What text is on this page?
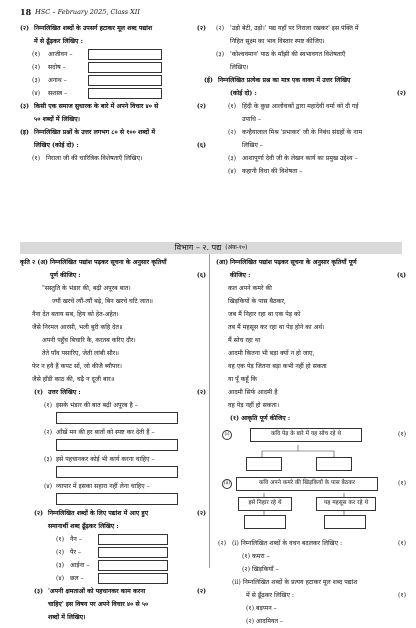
18 HSC – February 2025, Class XII
(२) निम्नलिखित शब्दों के उपसर्ग हटाकर मूल शब्द पद्यांश	(२)
में से ढूँढ़कर लिखिए :
(१)	आजीवन –
(२)	सदोष –
(३)	अनाथ –
(४)	सशस्त्र –
(३) किसी एक समाज सुधारक के बारे में अपने विचार ४० से	(२)
५० शब्दों में लिखिए।
(इ) निम्नलिखित प्रश्नों के उत्तर लगभग ८० से १०० शब्दों में
लिखिए (कोई दो) :	(६)
(१) निराला जी की चारित्रिक विशेषताएँ लिखिए।
(२) 'उड़ो बेटी, उड़ो।' पद्य यहाँ पर निराला रखकर' इस पंक्ति में
निहित सूक्ष्म का भाव विस्तार स्पष्ट कीजिए।
(३) 'कोश्चवमान' पाठ के माँझी की स्वभावगत विशेषताएँ
लिखिए।
(ई) निम्नलिखित प्रत्येक प्रश्न का मात्र एक वाक्य में उत्तर लिखिए
(कोई दो) :	(२)
(१) हिंदी के कुछ आलोचकों द्वारा महादेवी वर्मा को दी गई
उपाधि –
(२) कन्हैयालाल मिश्र 'प्रभाकर' जी के निबंध संग्रहों के नाम
लिखिए –
(३) आशापूर्णा देवी जी के लेखन कार्य का प्रमुख उद्देश्य –
(४) कहानी विधा की विशेषता –
विभाग – २. पद्य (अंक-१०)
कृति २ (अ) निम्नलिखित पद्यांश पढ़कर सूचना के अनुसार कृतियाँ
पूर्ण कीजिए :	(६)
"सस्तुति के भंडार की, बढ़ी अपूरब बात।
ज्यौं खरचे त्यौं-त्यौं बढ़े, बिन खरचे घटि जात॥
नैना देत बताय सब, हिय को हेत-अहेत।
जैसे निरमल आरसी, भली बुरी कहि देत॥
अपनी पहुँच बिचारि कै, करतब करिए दौर।
तेते पाँव पसारिए, जेती लांबी सौर॥
फेर न हवै हैं कपट सों, जो कीजै ब्यौपार।
जैसे हाँडी काठ की, चढ़ै न दूजी बार॥
(१) उत्तर लिखिए :	(२)
(१) इसके भंडार की बात बढ़ी अपूरब है –
(२) आँखें मन की हर बातों को स्पष्ट कर देती हैं –
(३) इसे पहचानकर कोई भी कार्य करना चाहिए –
(४) व्यापार में इसका सहारा नहीं लेना चाहिए –
(२) निम्नलिखित शब्दों के लिए पद्यांश में आए हुए	(२)
समानार्थी शब्द ढूँढ़कर लिखिए :
(१) नैन –
(२) पैर –
(३) आईना –
(४) छल –
(३) 'अपनी क्षमताओं को पहचानकर काम करना	(२)
चाहिए' इस विषय पर अपने विचार ४० से ५०
शब्दों में लिखिए।
(आ) निम्नलिखित पद्यांश पढ़कर सूचना के अनुसार कृतियाँ पूर्ण
कीजिए :	(६)
कल अपने कमरे की
खिड़कियों के पास बैठकर,
जब मैं निहार रहा था एक पेड़ को
तब मैं महसूस कर रहा था पेड़ होने का अर्थ।
मैं सोच रहा था
आदमी कितना भी बड़ा क्यों न हो जाए,
वह एक पेड़ जितना बड़ा कभी नहीं हो सकता
या पूँ कहूँ कि
आदमी सिर्फ आदमी है
वह पेड़ नहीं हो सकता।
(१) आकृति पूर्ण कीजिए :
(i)	कवि पेड़ के बारे में यह सोच रहे थे	(१)
(ii)	कवि अपने कमरे की खिड़कियों के पास बैठकर	(१)
इसे निहार रहे थे	यह महसूस कर रहे थे
(२) (i) निम्नलिखित शब्दों के वचन बदलकर लिखिए :	(१)
(१) कमरा –
(२) खिड़कियाँ –
(ii) निम्नलिखित शब्दों के प्रत्यय हटाकर मूल शब्द पद्यांश
में से ढूँढ़कर लिखिए :	(१)
(१) बड़प्पन –
(२) आदमियत –
